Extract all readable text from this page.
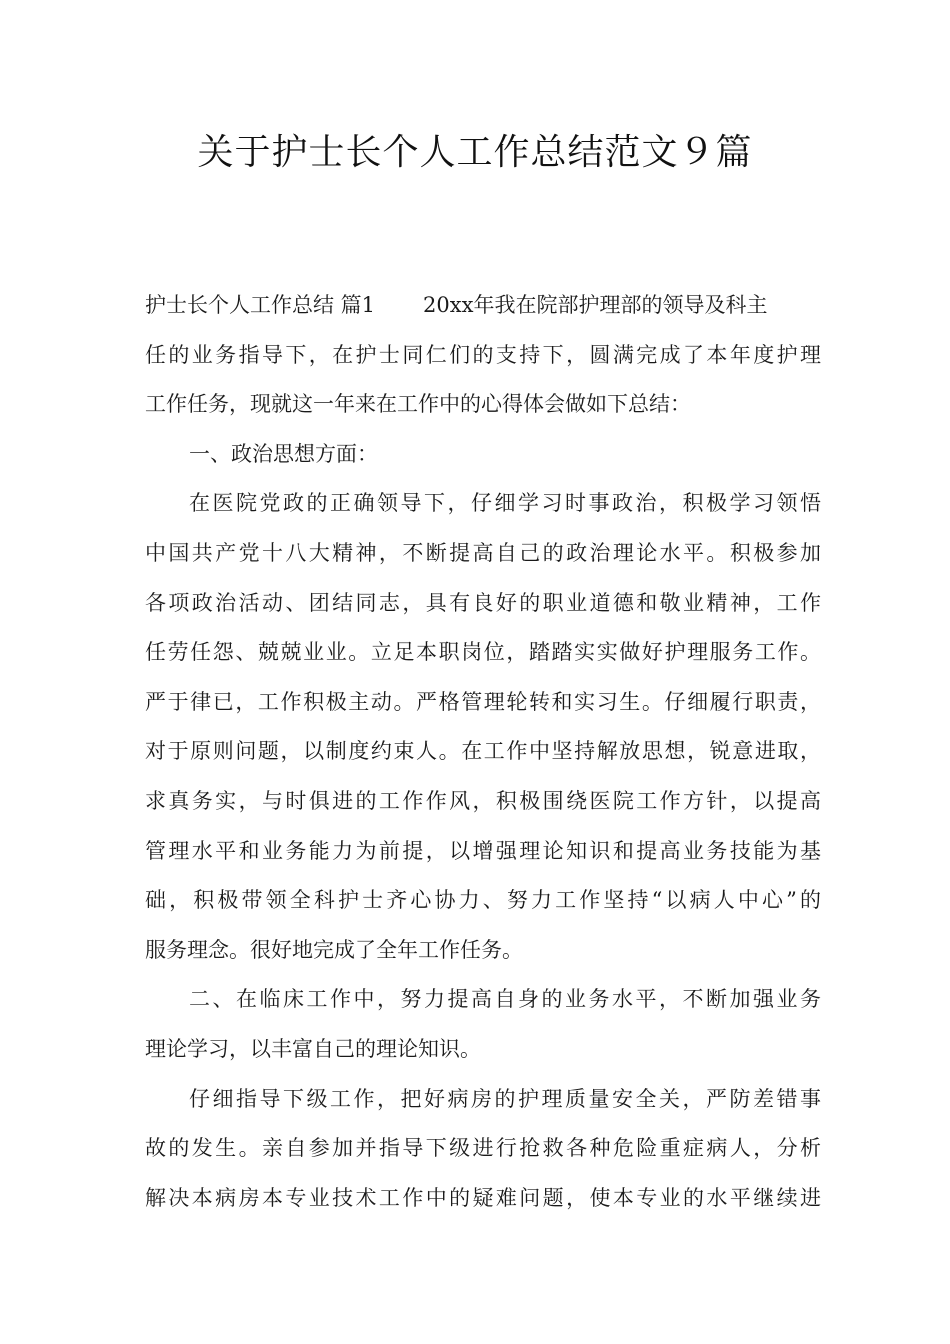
关于护士长个人工作总结范文９篇
护士长个人工作总结 篇1 20xx年我在院部护理部的领导及科主
任的业务指导下，在护士同仁们的支持下，圆满完成了本年度护理
工作任务，现就这一年来在工作中的心得体会做如下总结：
一、政治思想方面：
在医院党政的正确领导下，仔细学习时事政治，积极学习领悟
中国共产党十八大精神，不断提高自己的政治理论水平。积极参加
各项政治活动、团结同志，具有良好的职业道德和敬业精神，工作
任劳任怨、兢兢业业。立足本职岗位，踏踏实实做好护理服务工作。
严于律已，工作积极主动。严格管理轮转和实习生。仔细履行职责，
对于原则问题，以制度约束人。在工作中坚持解放思想，锐意进取，
求真务实，与时俱进的工作作风，积极围绕医院工作方针，以提高
管理水平和业务能力为前提，以增强理论知识和提高业务技能为基
础，积极带领全科护士齐心协力、努力工作坚持“以病人中心”的
服务理念。很好地完成了全年工作任务。
二、在临床工作中，努力提高自身的业务水平，不断加强业务
理论学习，以丰富自己的理论知识。
仔细指导下级工作，把好病房的护理质量安全关，严防差错事
故的发生。亲自参加并指导下级进行抢救各种危险重症病人，分析
解决本病房本专业技术工作中的疑难问题，使本专业的水平继续进
